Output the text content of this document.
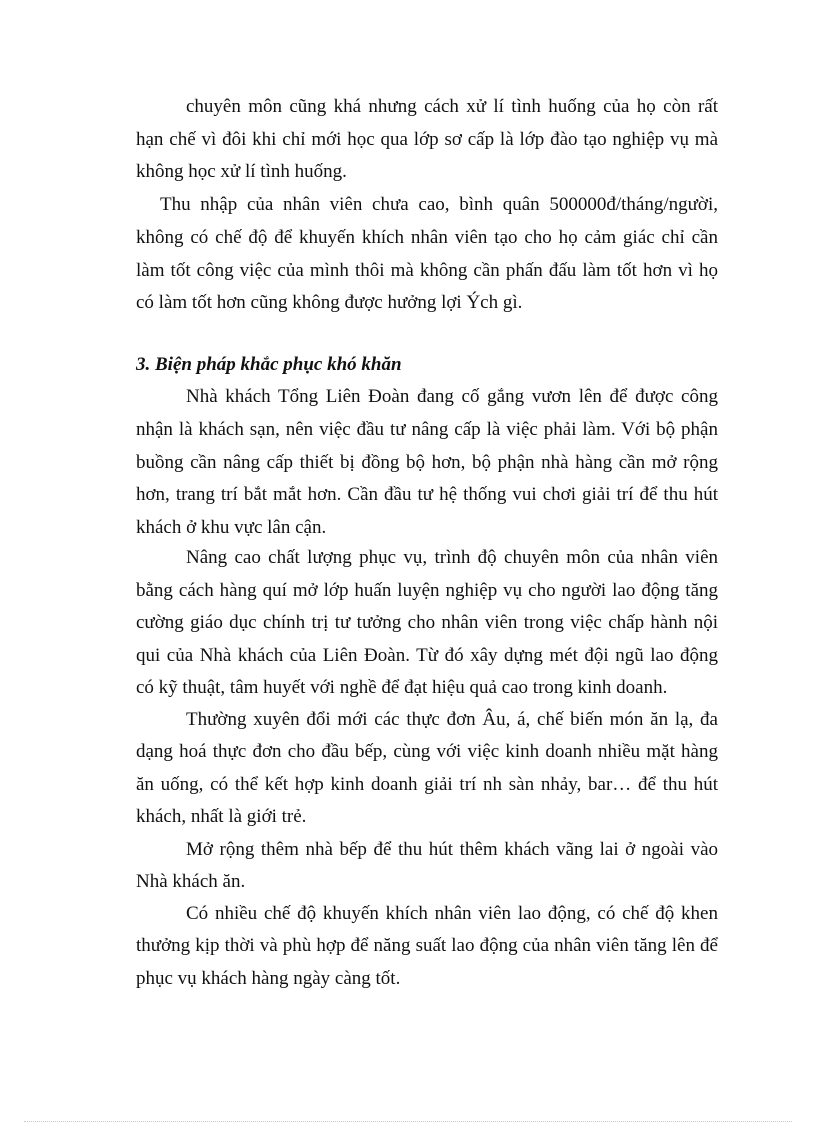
chuyên môn cũng khá nhưng cách xử lí tình huống của họ còn rất
hạn chế vì đôi khi chỉ mới học qua lớp sơ cấp là lớp đào tạo nghiệp vụ mà
không học xử lí tình huống.
Thu nhập của nhân viên chưa cao, bình quân 500000đ/tháng/người,
không có chế độ để khuyến khích nhân viên tạo cho họ cảm giác chỉ cần
làm tốt công việc của mình thôi mà không cần phấn đấu làm tốt hơn vì họ
có làm tốt hơn cũng không được hưởng lợi Ých gì.
3. Biện pháp khắc phục khó khăn
Nhà khách Tổng Liên Đoàn đang cố gắng vươn lên để được công
nhận là khách sạn, nên việc đầu tư nâng cấp là việc phải làm. Với bộ phận
buồng cần nâng cấp thiết bị đồng bộ hơn, bộ phận nhà hàng cần mở rộng
hơn, trang trí bắt mắt hơn. Cần đầu tư hệ thống vui chơi giải trí để thu hút
khách ở khu vực lân cận.
Nâng cao chất lượng phục vụ, trình độ chuyên môn của nhân viên
bằng cách hàng quí mở lớp huấn luyện nghiệp vụ cho người lao động tăng
cường giáo dục chính trị tư tưởng cho nhân viên trong việc chấp hành nội
qui của Nhà khách của Liên Đoàn. Từ đó xây dựng mét đội ngũ lao động
có kỹ thuật, tâm huyết với nghề để đạt hiệu quả cao trong kinh doanh.
Thường xuyên đổi mới các thực đơn Âu, á, chế biến món ăn lạ, đa
dạng hoá thực đơn cho đầu bếp, cùng với việc kinh doanh nhiều mặt hàng
ăn uống, có thể kết hợp kinh doanh giải trí nh sàn nhảy, bar… để thu hút
khách, nhất là giới trẻ.
Mở rộng thêm nhà bếp để thu hút thêm khách vãng lai ở ngoài vào
Nhà khách ăn.
Có nhiều chế độ khuyến khích nhân viên lao động, có chế độ khen
thưởng kịp thời và phù hợp để năng suất lao động của nhân viên tăng lên để
phục vụ khách hàng ngày càng tốt.
